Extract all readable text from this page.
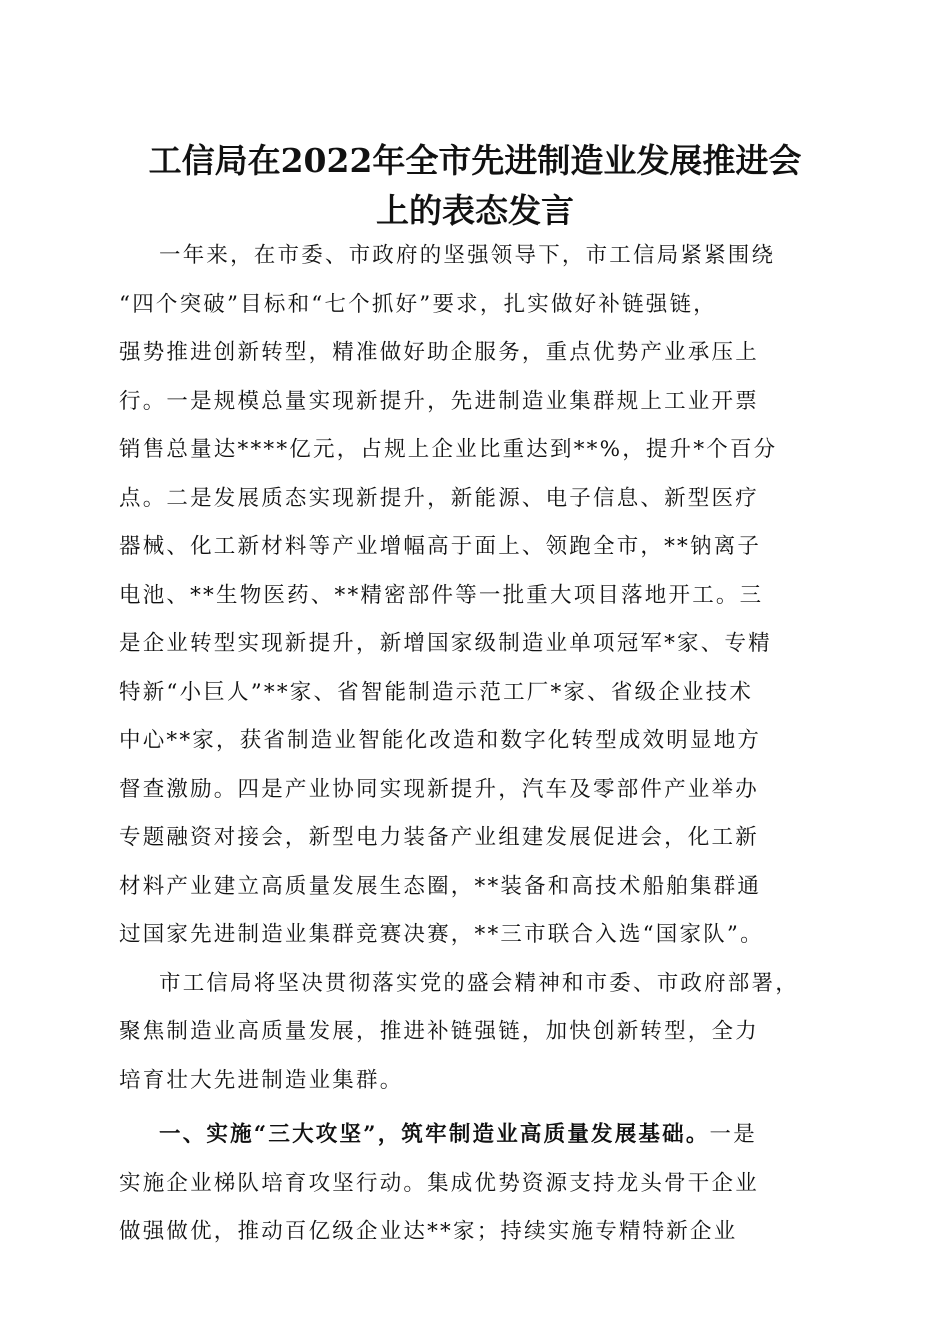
工信局在2022年全市先进制造业发展推进会
上的表态发言
一年来，在市委、市政府的坚强领导下，市工信局紧紧围绕
“四个突破”目标和“七个抓好”要求，扎实做好补链强链，
强势推进创新转型，精准做好助企服务，重点优势产业承压上
行。一是规模总量实现新提升，先进制造业集群规上工业开票
销售总量达****亿元，占规上企业比重达到**%，提升*个百分
点。二是发展质态实现新提升，新能源、电子信息、新型医疗
器械、化工新材料等产业增幅高于面上、领跑全市，**钠离子
电池、**生物医药、**精密部件等一批重大项目落地开工。三
是企业转型实现新提升，新增国家级制造业单项冠军*家、专精
特新“小巨人”**家、省智能制造示范工厂*家、省级企业技术
中心**家，获省制造业智能化改造和数字化转型成效明显地方
督查激励。四是产业协同实现新提升，汽车及零部件产业举办
专题融资对接会，新型电力装备产业组建发展促进会，化工新
材料产业建立高质量发展生态圈，**装备和高技术船舶集群通
过国家先进制造业集群竞赛决赛，**三市联合入选“国家队”。
市工信局将坚决贯彻落实党的盛会精神和市委、市政府部署，
聚焦制造业高质量发展，推进补链强链，加快创新转型，全力
培育壮大先进制造业集群。
一、实施“三大攻坚”，筑牢制造业高质量发展基础。一是
实施企业梯队培育攻坚行动。集成优势资源支持龙头骨干企业
做强做优，推动百亿级企业达**家；持续实施专精特新企业
